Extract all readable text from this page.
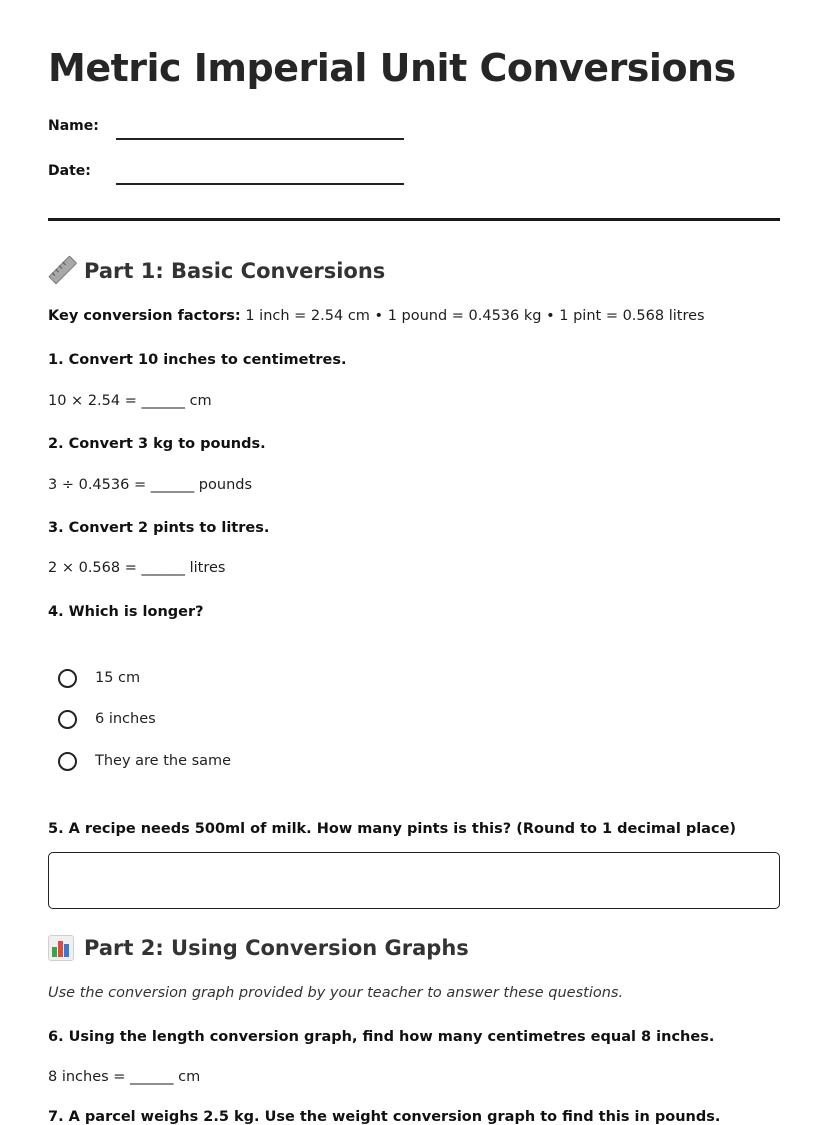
Metric Imperial Unit Conversions
Name:
Date:
Part 1: Basic Conversions
Key conversion factors: 1 inch = 2.54 cm • 1 pound = 0.4536 kg • 1 pint = 0.568 litres
1. Convert 10 inches to centimetres.
10 × 2.54 = ______ cm
2. Convert 3 kg to pounds.
3 ÷ 0.4536 = ______ pounds
3. Convert 2 pints to litres.
2 × 0.568 = ______ litres
4. Which is longer?
15 cm
6 inches
They are the same
5. A recipe needs 500ml of milk. How many pints is this? (Round to 1 decimal place)
Part 2: Using Conversion Graphs
Use the conversion graph provided by your teacher to answer these questions.
6. Using the length conversion graph, find how many centimetres equal 8 inches.
8 inches = ______ cm
7. A parcel weighs 2.5 kg. Use the weight conversion graph to find this in pounds.
